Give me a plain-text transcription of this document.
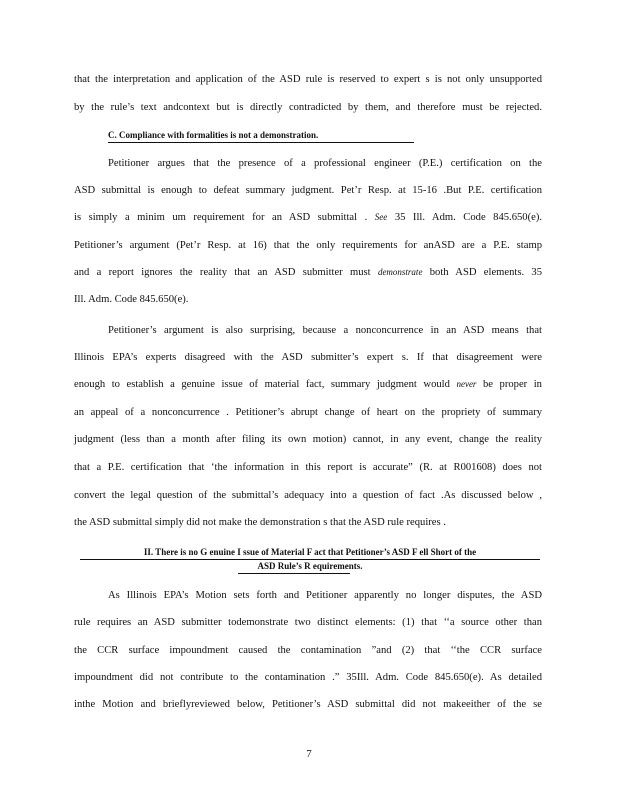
that the interpretation and application of the ASD rule is reserved to expert s is not only unsupported
by the rule’s text andcontext but is directly contradicted by them, and therefore must be rejected.
C. Compliance with formalities is not a demonstration.
Petitioner argues that the presence of a professional engineer (P.E.) certification on the
ASD submittal is enough to defeat summary judgment. Pet’r Resp. at 15-16 .But P.E. certification
is simply a minim um requirement for an ASD submittal . See 35 Ill. Adm. Code 845.650(e).
Petitioner’s argument (Pet’r Resp. at 16) that the only requirements for anASD are a P.E. stamp
and a report ignores the reality that an ASD submitter must demonstrate both ASD elements. 35
Ill. Adm. Code 845.650(e).
Petitioner’s argument is also surprising, because a nonconcurrence in an ASD means that
Illinois EPA’s experts disagreed with the ASD submitter’s expert s. If that disagreement were
enough to establish a genuine issue of material fact, summary judgment would never be proper in
an appeal of a nonconcurrence . Petitioner’s abrupt change of heart on the propriety of summary
judgment (less than a month after filing its own motion) cannot, in any event, change the reality
that a P.E. certification that ‘the information in this report is accurate” (R. at R001608) does not
convert the legal question of the submittal’s adequacy into a question of fact .As discussed below ,
the ASD submittal simply did not make the demonstration s that the ASD rule requires .
II. There is no G enuine I ssue of Material F act that Petitioner’s ASD F ell Short of the
ASD Rule’s R equirements.
As Illinois EPA’s Motion sets forth and Petitioner apparently no longer disputes, the ASD
rule requires an ASD submitter todemonstrate two distinct elements: (1) that ‘‘a source other than
the CCR surface impoundment caused the contamination ”and (2) that ‘‘the CCR surface
impoundment did not contribute to the contamination .” 35Ill. Adm. Code 845.650(e). As detailed
inthe Motion and brieflyreviewed below, Petitioner’s ASD submittal did not makeeither of the se
7
